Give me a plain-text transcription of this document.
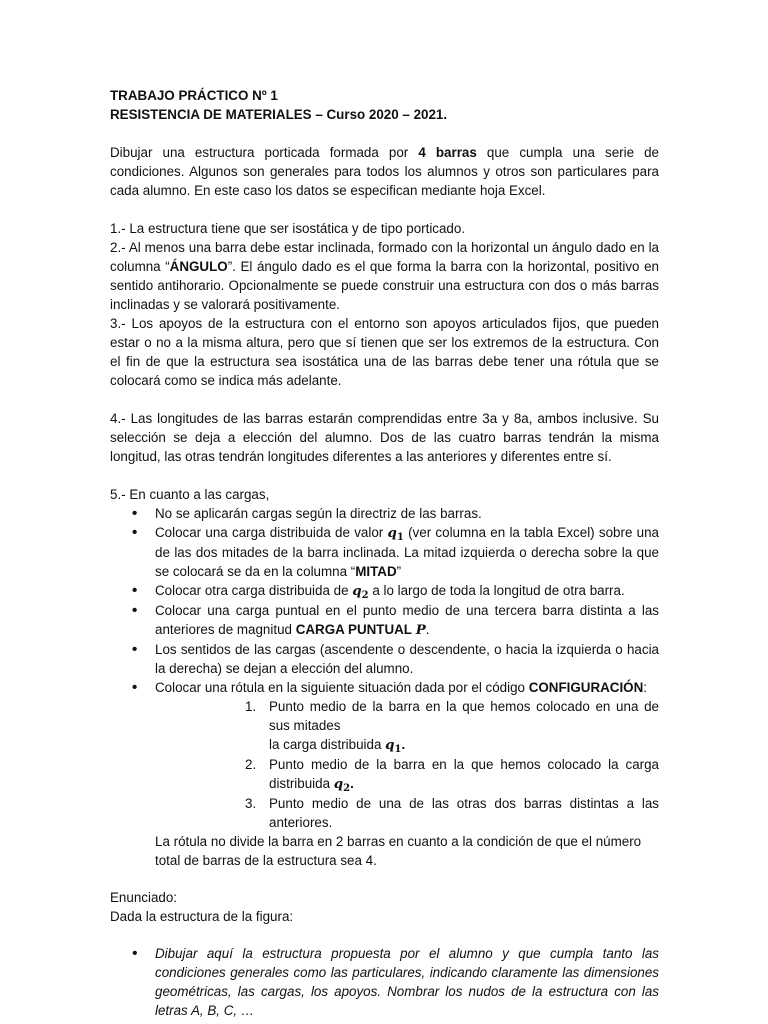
TRABAJO PRÁCTICO Nº 1

RESISTENCIA DE MATERIALES – Curso 2020 – 2021.

Dibujar una estructura porticada formada por 4 barras que cumpla una serie de condiciones. Algunos son generales para todos los alumnos y otros son particulares para cada alumno. En este caso los datos se especifican mediante hoja Excel.

1.- La estructura tiene que ser isostática y de tipo porticado.

2.- Al menos una barra debe estar inclinada, formado con la horizontal un ángulo dado en la columna “ÁNGULO”. El ángulo dado es el que forma la barra con la horizontal, positivo en sentido antihorario. Opcionalmente se puede construir una estructura con dos o más barras inclinadas y se valorará positivamente.

3.- Los apoyos de la estructura con el entorno son apoyos articulados fijos, que pueden estar o no a la misma altura, pero que sí tienen que ser los extremos de la estructura. Con el fin de que la estructura sea isostática una de las barras debe tener una rótula que se colocará como se indica más adelante.

4.- Las longitudes de las barras estarán comprendidas entre 3a y 8a, ambos inclusive. Su selección se deja a elección del alumno. Dos de las cuatro barras tendrán la misma longitud, las otras tendrán longitudes diferentes a las anteriores y diferentes entre sí.

5.- En cuanto a las cargas,

• No se aplicarán cargas según la directriz de las barras.
• Colocar una carga distribuida de valor $q_1$ (ver columna en la tabla Excel) sobre una de las dos mitades de la barra inclinada. La mitad izquierda o derecha sobre la que se colocará se da en la columna “MITAD”
• Colocar otra carga distribuida de $q_2$ a lo largo de toda la longitud de otra barra.
• Colocar una carga puntual en el punto medio de una tercera barra distinta a las anteriores de magnitud CARGA PUNTUAL P.
• Los sentidos de las cargas (ascendente o descendente, o hacia la izquierda o hacia la derecha) se dejan a elección del alumno.
• Colocar una rótula en la siguiente situación dada por el código CONFIGURACIÓN:
1. Punto medio de la barra en la que hemos colocado en una de sus mitades
la carga distribuida $q_1$.
2. Punto medio de la barra en la que hemos colocado la carga distribuida $q_2$.
3. Punto medio de una de las otras dos barras distintas a las anteriores.

La rótula no divide la barra en 2 barras en cuanto a la condición de que el número total de barras de la estructura sea 4.

Enunciado:

Dada la estructura de la figura:

• Dibujar aquí la estructura propuesta por el alumno y que cumpla tanto las condiciones generales como las particulares, indicando claramente las dimensiones geométricas, las cargas, los apoyos. Nombrar los nudos de la estructura con las letras A, B, C, …
